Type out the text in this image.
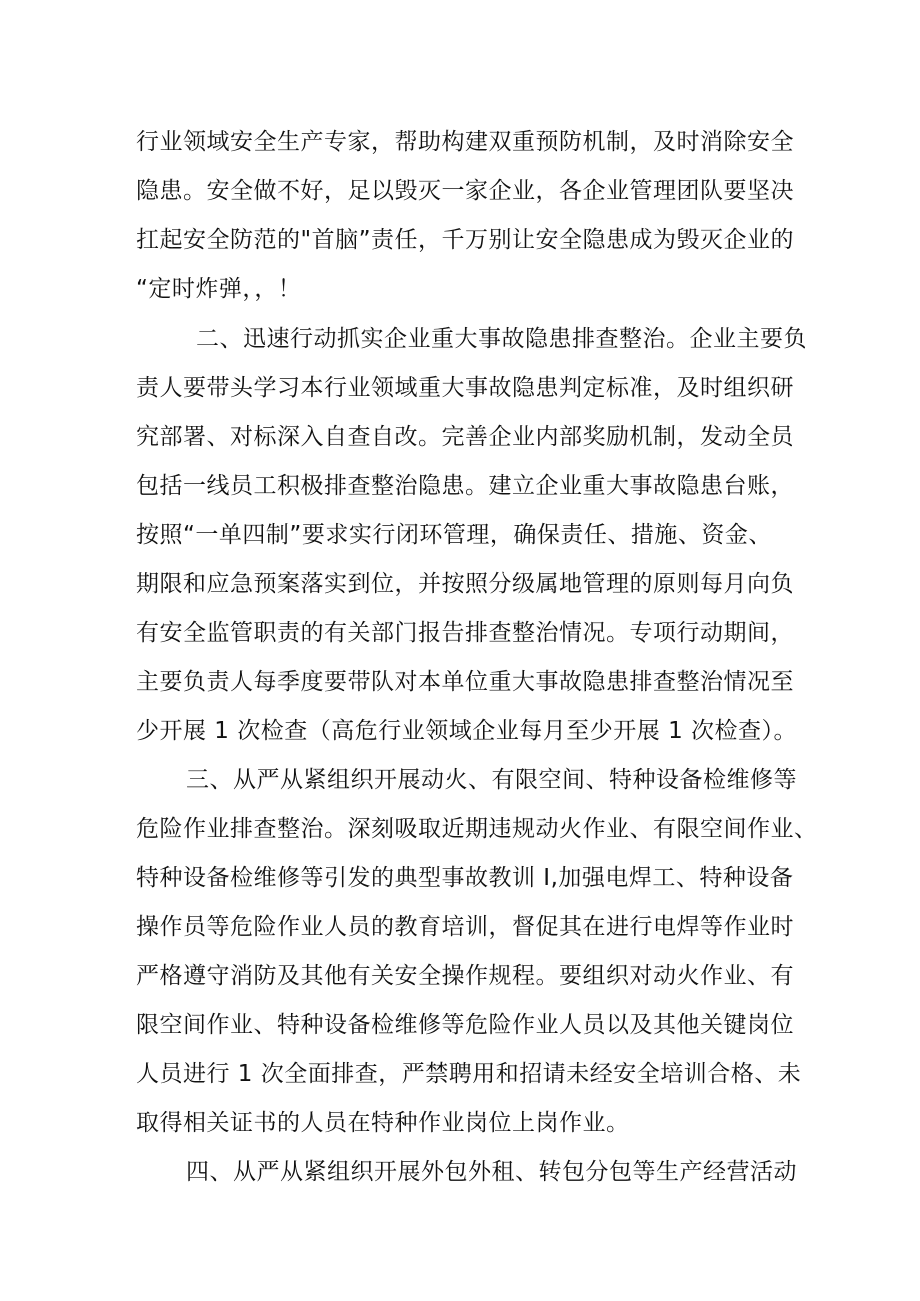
行业领域安全生产专家，帮助构建双重预防机制，及时消除安全

隐患。安全做不好，足以毁灭一家企业，各企业管理团队要坚决

扛起安全防范的"首脑”责任，千万别让安全隐患成为毁灭企业的

“定时炸弹，，！

二、迅速行动抓实企业重大事故隐患排查整治。企业主要负

责人要带头学习本行业领域重大事故隐患判定标准，及时组织研

究部署、对标深入自查自改。完善企业内部奖励机制，发动全员

包括一线员工积极排查整治隐患。建立企业重大事故隐患台账，

按照“一单四制”要求实行闭环管理，确保责任、措施、资金、

期限和应急预案落实到位，并按照分级属地管理的原则每月向负

有安全监管职责的有关部门报告排查整治情况。专项行动期间，

主要负责人每季度要带队对本单位重大事故隐患排查整治情况至

少开展 1 次检查（高危行业领域企业每月至少开展 1 次检查）。

三、从严从紧组织开展动火、有限空间、特种设备检维修等

危险作业排查整治。深刻吸取近期违规动火作业、有限空间作业、

特种设备检维修等引发的典型事故教训 I,加强电焊工、特种设备

操作员等危险作业人员的教育培训，督促其在进行电焊等作业时

严格遵守消防及其他有关安全操作规程。要组织对动火作业、有

限空间作业、特种设备检维修等危险作业人员以及其他关键岗位

人员进行 1 次全面排查，严禁聘用和招请未经安全培训合格、未

取得相关证书的人员在特种作业岗位上岗作业。

四、从严从紧组织开展外包外租、转包分包等生产经营活动
